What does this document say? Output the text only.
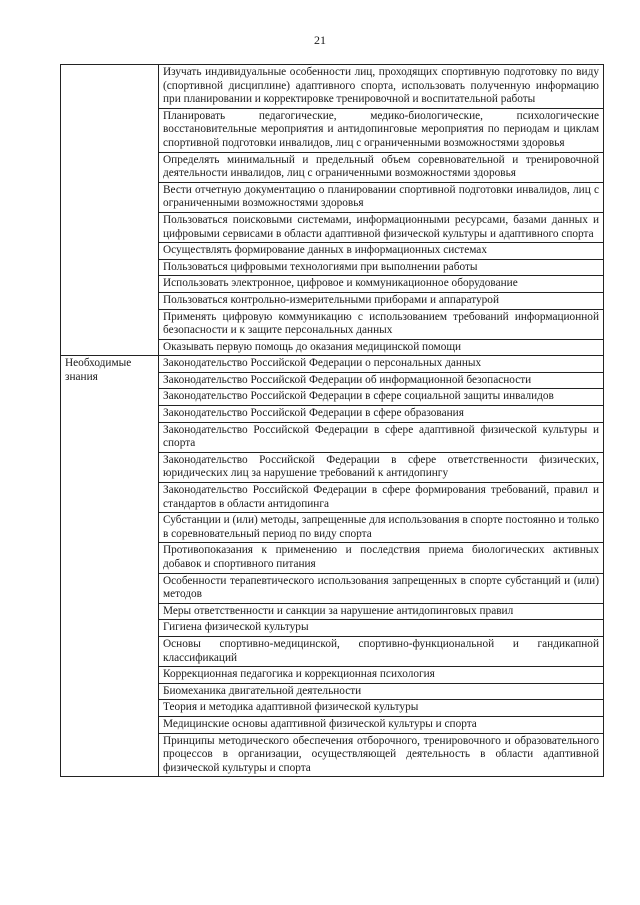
21
	Изучать индивидуальные особенности лиц, проходящих спортивную подготовку по виду (спортивной дисциплине) адаптивного спорта, использовать полученную информацию при планировании и корректировке тренировочной и воспитательной работы
	Планировать педагогические, медико-биологические, психологические восстановительные мероприятия и антидопинговые мероприятия по периодам и циклам спортивной подготовки инвалидов, лиц с ограниченными возможностями здоровья
	Определять минимальный и предельный объем соревновательной и тренировочной деятельности инвалидов, лиц с ограниченными возможностями здоровья
	Вести отчетную документацию о планировании спортивной подготовки инвалидов, лиц с ограниченными возможностями здоровья
	Пользоваться поисковыми системами, информационными ресурсами, базами данных и цифровыми сервисами в области адаптивной физической культуры и адаптивного спорта
	Осуществлять формирование данных в информационных системах
	Пользоваться цифровыми технологиями при выполнении работы
	Использовать электронное, цифровое и коммуникационное оборудование
	Пользоваться контрольно-измерительными приборами и аппаратурой
	Применять цифровую коммуникацию с использованием требований информационной безопасности и к защите персональных данных
	Оказывать первую помощь до оказания медицинской помощи
Необходимые знания	Законодательство Российской Федерации о персональных данных
	Законодательство Российской Федерации об информационной безопасности
	Законодательство Российской Федерации в сфере социальной защиты инвалидов
	Законодательство Российской Федерации в сфере образования
	Законодательство Российской Федерации в сфере адаптивной физической культуры и спорта
	Законодательство Российской Федерации в сфере ответственности физических, юридических лиц за нарушение требований к антидопингу
	Законодательство Российской Федерации в сфере формирования требований, правил и стандартов в области антидопинга
	Субстанции и (или) методы, запрещенные для использования в спорте постоянно и только в соревновательный период по виду спорта
	Противопоказания к применению и последствия приема биологических активных добавок и спортивного питания
	Особенности терапевтического использования запрещенных в спорте субстанций и (или) методов
	Меры ответственности и санкции за нарушение антидопинговых правил
	Гигиена физической культуры
	Основы спортивно-медицинской, спортивно-функциональной и гандикапной классификаций
	Коррекционная педагогика и коррекционная психология
	Биомеханика двигательной деятельности
	Теория и методика адаптивной физической культуры
	Медицинские основы адаптивной физической культуры и спорта
	Принципы методического обеспечения отборочного, тренировочного и образовательного процессов в организации, осуществляющей деятельность в области адаптивной физической культуры и спорта
